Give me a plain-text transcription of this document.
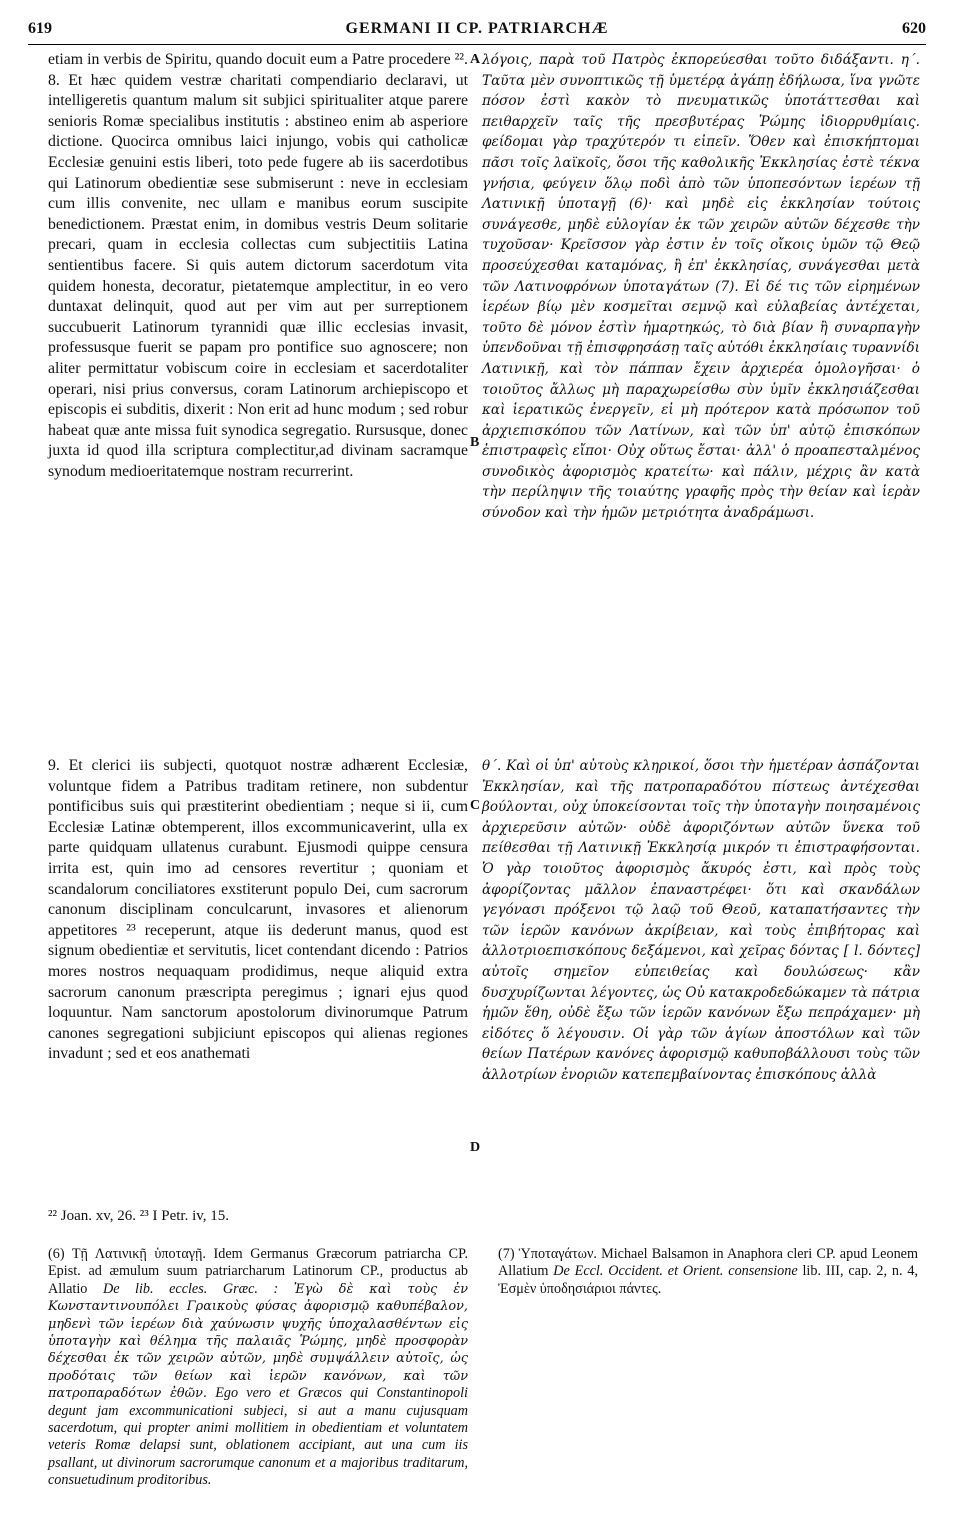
619	GERMANI II CP. PATRIARCHÆ	620
A
B
C
D

etiam in verbis de Spiritu, quando docuit eum a Patre procedere ²². 8. Et hæc quidem vestræ charitati compendiario declaravi, ut intelligeretis quantum malum sit subjici spiritualiter atque parere senioris Romæ specialibus institutis : abstineo enim ab asperiore dictione. Quocirca omnibus laici injungo, vobis qui catholicæ Ecclesiæ genuini estis liberi, toto pede fugere ab iis sacerdotibus qui Latinorum obedientiæ sese submiserunt : neve in ecclesiam cum illis convenite, nec ullam e manibus eorum suscipite benedictionem. Præstat enim, in domibus vestris Deum solitarie precari, quam in ecclesia collectas cum subjectitiis Latina sentientibus facere. Si quis autem dictorum sacerdotum vita quidem honesta, decoratur, pietatemque amplectitur, in eo vero duntaxat delinquit, quod aut per vim aut per surreptionem succubuerit Latinorum tyrannidi quæ illic ecclesias invasit, professusque fuerit se papam pro pontifice suo agnoscere; non aliter permittatur vobiscum coire in ecclesiam et sacerdotaliter operari, nisi prius conversus, coram Latinorum archiepiscopo et episcopis ei subditis, dixerit : Non erit ad hunc modum ; sed robur habeat quæ ante missa fuit synodica segregatio. Rursusque, donec juxta id quod illa scriptura complectitur,ad divinam sacramque synodum medioeritatemque nostram recurrerint.

λόγοις, παρὰ τοῦ Πατρὸς ἐκπορεύεσθαι τοῦτο διδάξαντι. η΄. Ταῦτα μὲν συνοπτικῶς τῇ ὑμετέρᾳ ἀγάπῃ ἐδήλωσα, ἵνα γνῶτε πόσον ἐστὶ κακὸν τὸ πνευματικῶς ὑποτάττεσθαι καὶ πειθαρχεῖν ταῖς τῆς πρεσβυτέρας Ῥώμης ἰδιορρυθμίαις. φείδομαι γὰρ τραχύτερόν τι εἰπεῖν. Ὅθεν καὶ ἐπισκήπτομαι πᾶσι τοῖς λαϊκοῖς, ὅσοι τῆς καθολικῆς Ἐκκλησίας ἐστὲ τέκνα γνήσια, φεύγειν ὅλῳ ποδὶ ἀπὸ τῶν ὑποπεσόντων ἱερέων τῇ Λατινικῇ ὑποταγῇ (6)· καὶ μηδὲ εἰς ἐκκλησίαν τούτοις συνάγεσθε, μηδὲ εὐλογίαν ἐκ τῶν χειρῶν αὐτῶν δέχεσθε τὴν τυχοῦσαν· Κρεῖσσον γὰρ ἐστιν ἐν τοῖς οἴκοις ὑμῶν τῷ Θεῷ προσεύχεσθαι καταμόνας, ἢ ἐπ' ἐκκλησίας, συνάγεσθαι μετὰ τῶν Λατινοφρόνων ὑποταγάτων (7). Εἰ δέ τις τῶν εἰρημένων ἱερέων βίῳ μὲν κοσμεῖται σεμνῷ καὶ εὐλαβείας ἀντέχεται, τοῦτο δὲ μόνον ἐστὶν ἡμαρτηκώς, τὸ διὰ βίαν ἢ συναρπαγὴν ὑπενδοῦναι τῇ ἐπισφρησάσῃ ταῖς αὐτόθι ἐκκλησίαις τυραννίδι Λατινικῇ, καὶ τὸν πάππαν ἔχειν ἀρχιερέα ὁμολογῆσαι· ὁ τοιοῦτος ἄλλως μὴ παραχωρείσθω σὺν ὑμῖν ἐκκλησιάζεσθαι καὶ ἱερατικῶς ἐνεργεῖν, εἰ μὴ πρότερον κατὰ πρόσωπον τοῦ ἀρχιεπισκόπου τῶν Λατίνων, καὶ τῶν ὑπ' αὐτῷ ἐπισκόπων ἐπιστραφεὶς εἴποι· Οὐχ οὕτως ἔσται· ἀλλ' ὁ προαπεσταλμένος συνοδικὸς ἀφορισμὸς κρατείτω· καὶ πάλιν, μέχρις ἂν κατὰ τὴν περίληψιν τῆς τοιαύτης γραφῆς πρὸς τὴν θείαν καὶ ἱερὰν σύνοδον καὶ τὴν ἡμῶν μετριότητα ἀναδράμωσι.

9. Et clerici iis subjecti, quotquot nostræ adhærent Ecclesiæ, voluntque fidem a Patribus traditam retinere, non subdentur pontificibus suis qui præstiterint obedientiam ; neque si ii, cum Ecclesiæ Latinæ obtemperent, illos excommunicaverint, ulla ex parte quidquam ullatenus curabunt. Ejusmodi quippe censura irrita est, quin imo ad censores revertitur ; quoniam et scandalorum conciliatores exstiterunt populo Dei, cum sacrorum canonum disciplinam conculcarunt, invasores et alienorum appetitores ²³ receperunt, atque iis dederunt manus, quod est signum obedientiæ et servitutis, licet contendant dicendo : Patrios mores nostros nequaquam prodidimus, neque aliquid extra sacrorum canonum præscripta peregimus ; ignari ejus quod loquuntur. Nam sanctorum apostolorum divinorumque Patrum canones segregationi subjiciunt episcopos qui alienas regiones invadunt ; sed et eos anathemati

θ΄. Καὶ οἱ ὑπ' αὐτοὺς κληρικοί, ὅσοι τὴν ἡμετέραν ἀσπάζονται Ἐκκλησίαν, καὶ τῆς πατροπαραδότου πίστεως ἀντέχεσθαι βούλονται, οὐχ ὑποκείσονται τοῖς τὴν ὑποταγὴν ποιησαμένοις ἀρχιερεῦσιν αὐτῶν· οὐδὲ ἀφοριζόντων αὐτῶν ὕνεκα τοῦ πείθεσθαι τῇ Λατινικῇ Ἐκκλησίᾳ μικρόν τι ἐπιστραφήσονται. Ὁ γὰρ τοιοῦτος ἀφορισμὸς ἄκυρός ἐστι, καὶ πρὸς τοὺς ἀφορίζοντας μᾶλλον ἐπαναστρέφει· ὅτι καὶ σκανδάλων γεγόνασι πρόξενοι τῷ λαῷ τοῦ Θεοῦ, καταπατήσαντες τὴν τῶν ἱερῶν κανόνων ἀκρίβειαν, καὶ τοὺς ἐπιβήτορας καὶ ἀλλοτριοεπισκόπους δεξάμενοι, καὶ χεῖρας δόντας [ l. δόντες] αὐτοῖς σημεῖον εὐπειθείας καὶ δουλώσεως· κἂν δυσχυρίζωνται λέγοντες, ὡς Οὐ κατακροδεδώκαμεν τὰ πάτρια ἡμῶν ἔθη, οὐδὲ ἔξω τῶν ἱερῶν κανόνων ἔξω πεπράχαμεν· μὴ εἰδότες ὅ λέγουσιν. Οἱ γὰρ τῶν ἁγίων ἀποστόλων καὶ τῶν θείων Πατέρων κανόνες ἀφορισμῷ καθυποβάλλουσι τοὺς τῶν ἀλλοτρίων ἐνοριῶν κατεπεμβαίνοντας ἐπισκόπους ἀλλὰ

²² Joan. xv, 26. ²³ I Petr. iv, 15.

(6) Τῇ Λατινικῇ ὑποταγῇ. Idem Germanus Græcorum patriarcha CP. Epist. ad æmulum suum patriarcharum Latinorum CP., productus ab Allatio De lib. eccles. Græc. : Ἐγὼ δὲ καὶ τοὺς ἐν Κωνσταντινουπόλει Γραικοὺς φύσας ἀφορισμῷ καθυπέβαλον, μηδενὶ τῶν ἱερέων διὰ χαύνωσιν ψυχῆς ὑποχαλασθέντων εἰς ὑποταγὴν καὶ θέλημα τῆς παλαιᾶς Ῥώμης, μηδὲ προσφορὰν δέχεσθαι ἐκ τῶν χειρῶν αὐτῶν, μηδὲ συμψάλλειν αὐτοῖς, ὡς προδόταις τῶν θείων καὶ ἱερῶν κανόνων, καὶ τῶν πατροπαραδότων ἐθῶν. Ego vero et Græcos qui Constantinopoli degunt jam excommunicationi subjeci, si aut a manu cujusquam sacerdotum, qui propter animi mollitiem in obedientiam et voluntatem veteris Romæ delapsi sunt, oblationem accipiant, aut una cum iis psallant, ut divinorum sacrorumque canonum et a majoribus traditarum, consuetudinum proditoribus.

(7) Ὑποταγάτων. Michael Balsamon in Anaphora cleri CP. apud Leonem Allatium De Eccl. Occident. et Orient. consensione lib. III, cap. 2, n. 4, Ἐσμὲν ὑποδησιάριοι πάντες.
